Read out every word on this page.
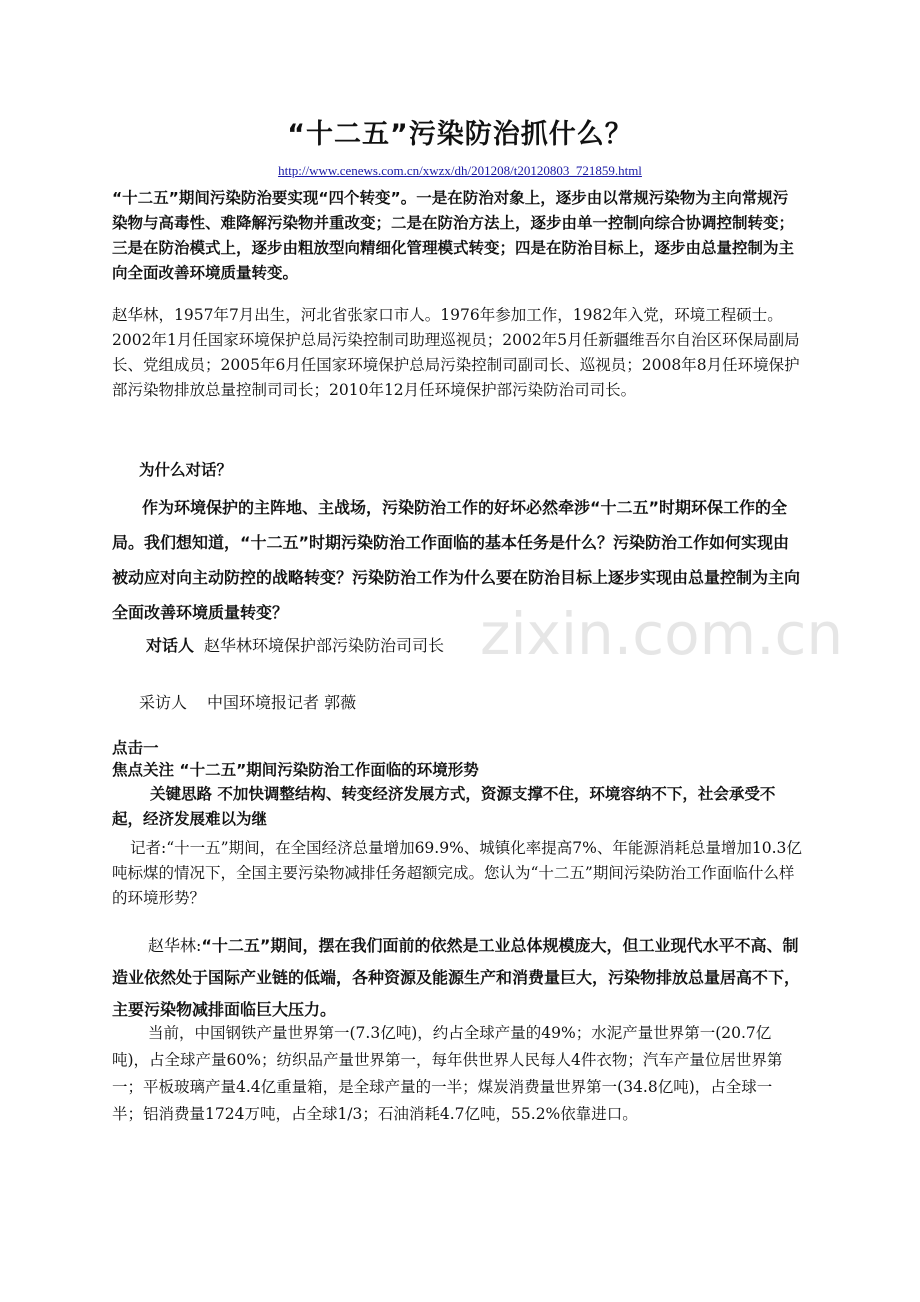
“十二五”污染防治抓什么？
http://www.cenews.com.cn/xwzx/dh/201208/t20120803_721859.html
“十二五”期间污染防治要实现“四个转变”。一是在防治对象上，逐步由以常规污染物为主向常规污染物与高毒性、难降解污染物并重改变；二是在防治方法上，逐步由单一控制向综合协调控制转变；三是在防治模式上，逐步由粗放型向精细化管理模式转变；四是在防治目标上，逐步由总量控制为主向全面改善环境质量转变。
赵华林，1957年7月出生，河北省张家口市人。1976年参加工作，1982年入党，环境工程硕士。2002年1月任国家环境保护总局污染控制司助理巡视员；2002年5月任新疆维吾尔自治区环保局副局长、党组成员；2005年6月任国家环境保护总局污染控制司副司长、巡视员；2008年8月任环境保护部污染物排放总量控制司司长；2010年12月任环境保护部污染防治司司长。
为什么对话？
作为环境保护的主阵地、主战场，污染防治工作的好坏必然牵涉“十二五”时期环保工作的全局。我们想知道，“十二五”时期污染防治工作面临的基本任务是什么？污染防治工作如何实现由被动应对向主动防控的战略转变？污染防治工作为什么要在防治目标上逐步实现由总量控制为主向全面改善环境质量转变？
对话人 赵华林环境保护部污染防治司司长
采访人 中国环境报记者 郭薇
点击一
焦点关注 “十二五”期间污染防治工作面临的环境形势
关键思路 不加快调整结构、转变经济发展方式，资源支撑不住，环境容纳不下，社会承受不起，经济发展难以为继
记者:“十一五”期间，在全国经济总量增加69.9%、城镇化率提高7%、年能源消耗总量增加10.3亿吨标煤的情况下，全国主要污染物减排任务超额完成。您认为“十二五”期间污染防治工作面临什么样的环境形势？
赵华林:“十二五”期间，摆在我们面前的依然是工业总体规模庞大，但工业现代水平不高、制造业依然处于国际产业链的低端，各种资源及能源生产和消费量巨大，污染物排放总量居高不下，主要污染物减排面临巨大压力。
当前，中国钢铁产量世界第一(7.3亿吨)，约占全球产量的49%；水泥产量世界第一(20.7亿吨)，占全球产量60%；纺织品产量世界第一，每年供世界人民每人4件衣物；汽车产量位居世界第一；平板玻璃产量4.4亿重量箱，是全球产量的一半；煤炭消费量世界第一(34.8亿吨)，占全球一半；铝消费量1724万吨，占全球1/3；石油消耗4.7亿吨，55.2%依靠进口。
zixin.com.cn
